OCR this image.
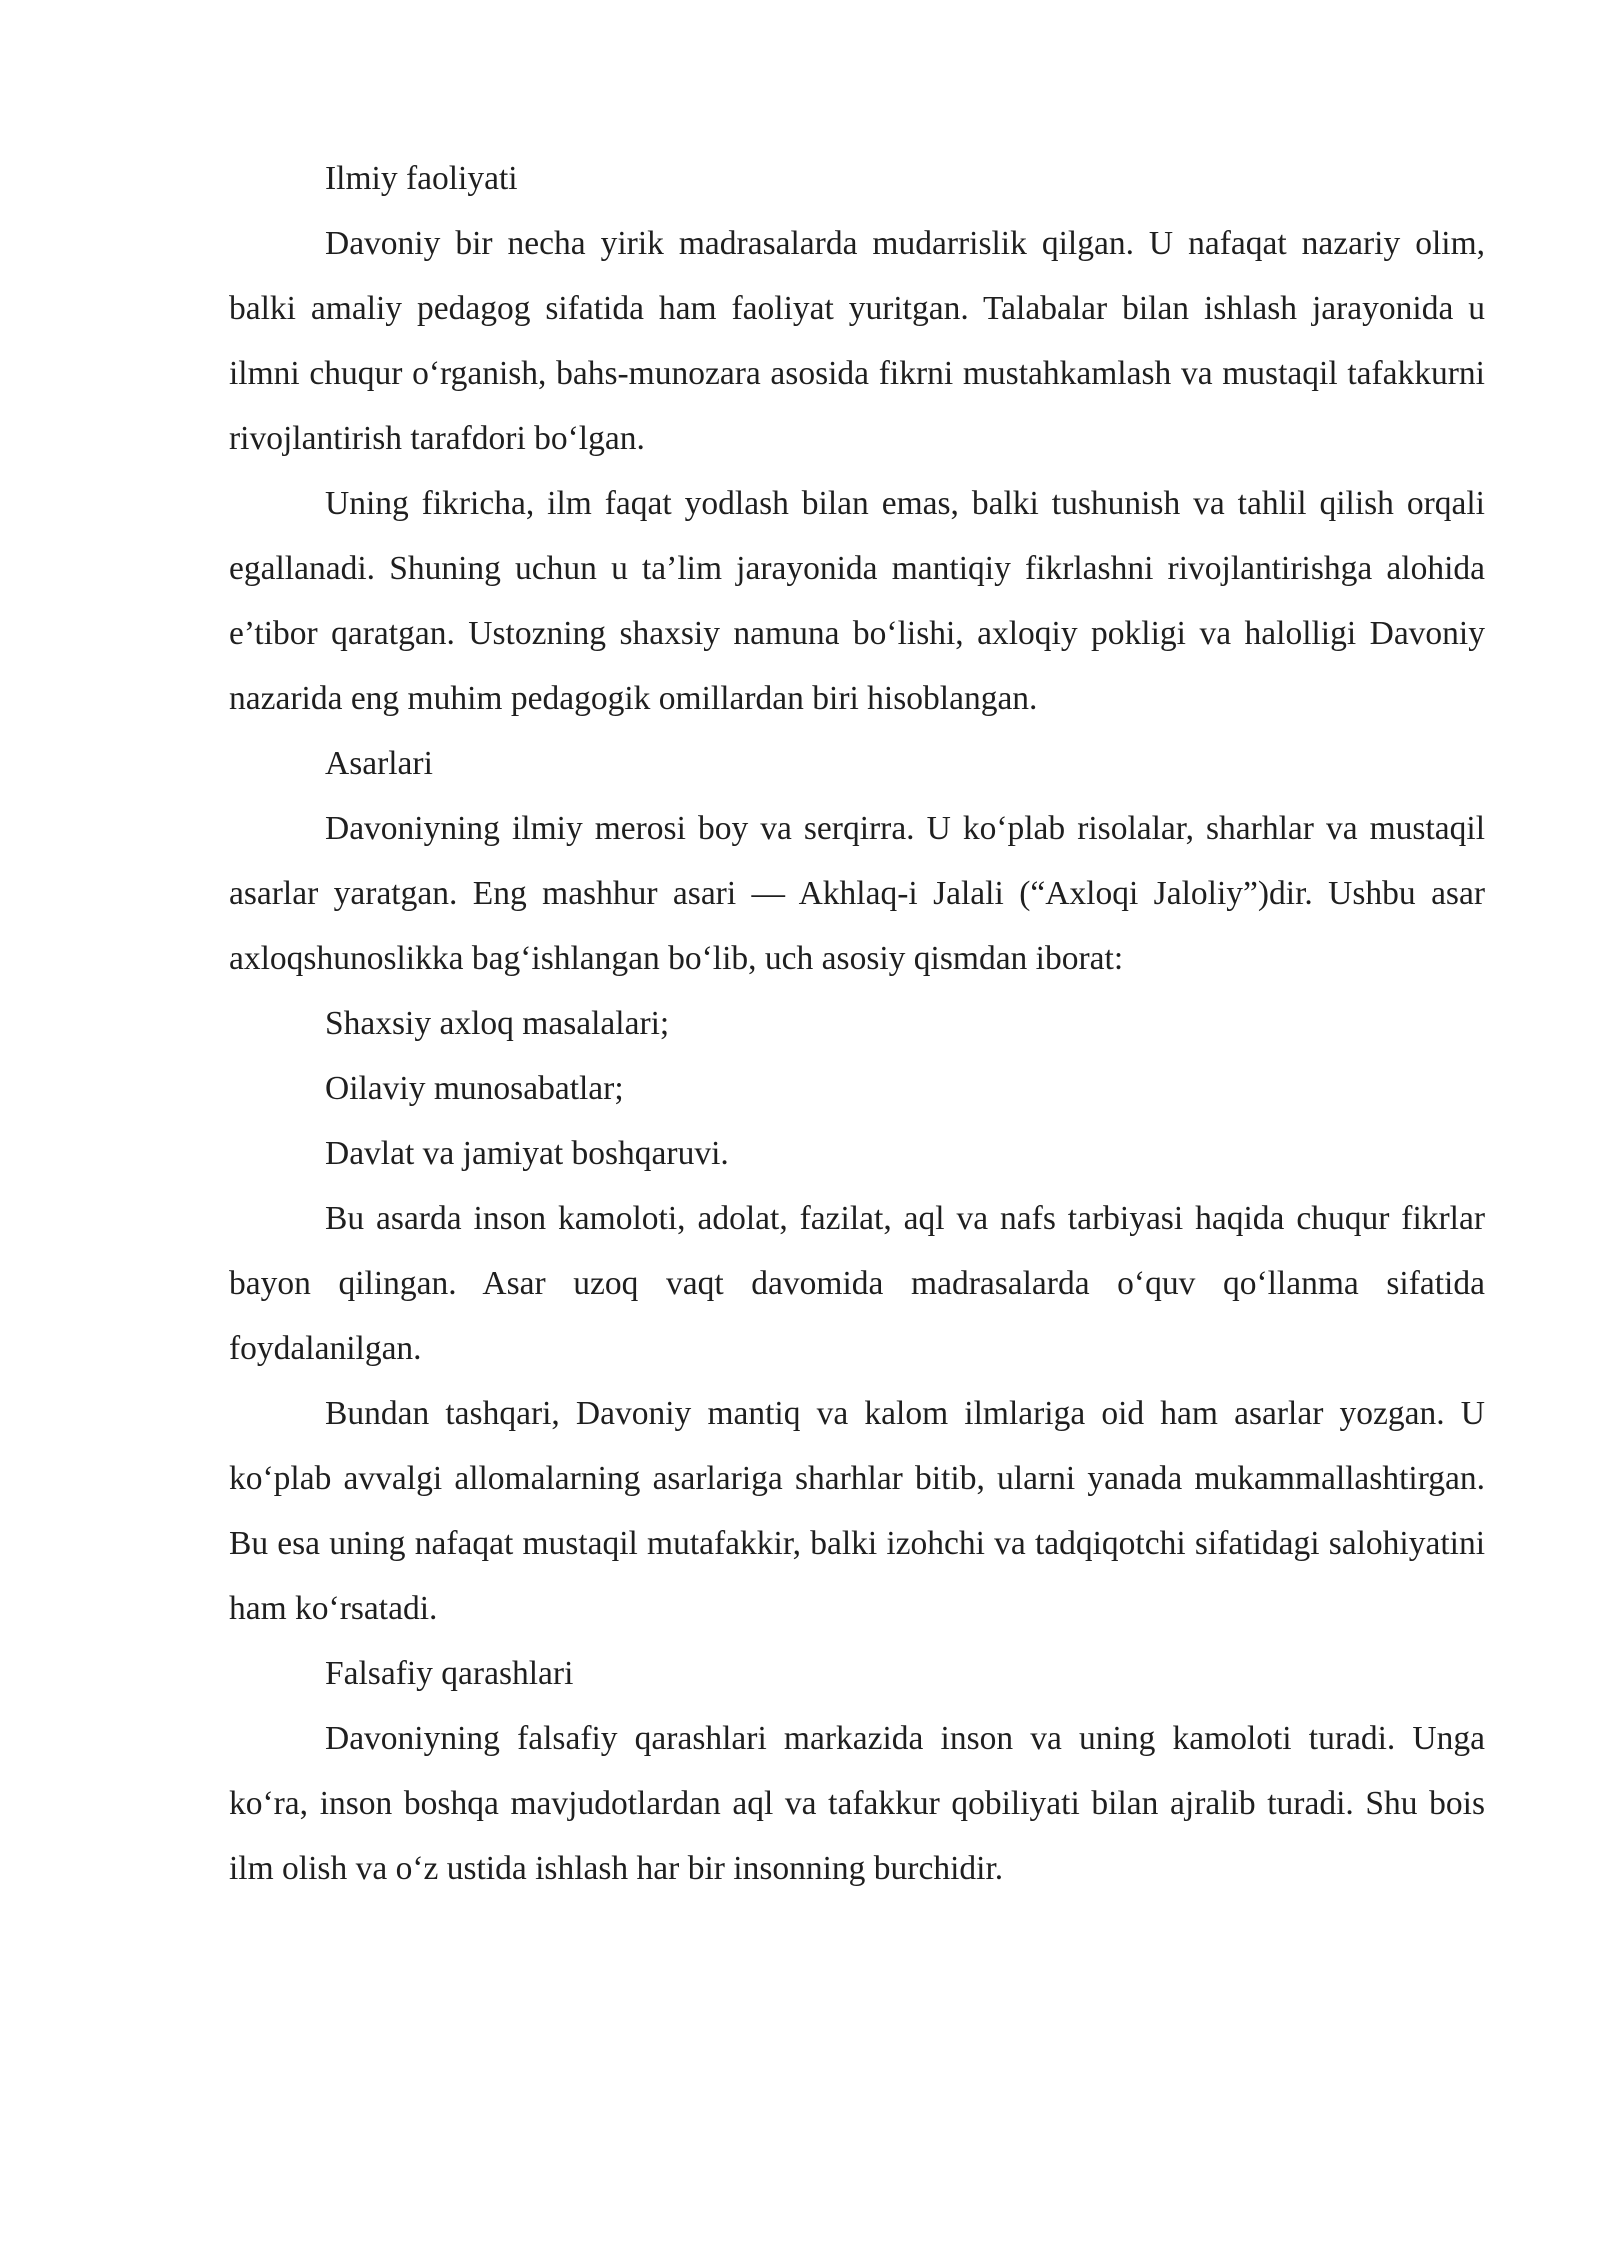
Ilmiy faoliyati

Davoniy bir necha yirik madrasalarda mudarrislik qilgan. U nafaqat nazariy olim, balki amaliy pedagog sifatida ham faoliyat yuritgan. Talabalar bilan ishlash jarayonida u ilmni chuqur o‘rganish, bahs-munozara asosida fikrni mustahkamlash va mustaqil tafakkurni rivojlantirish tarafdori bo‘lgan.

Uning fikricha, ilm faqat yodlash bilan emas, balki tushunish va tahlil qilish orqali egallanadi. Shuning uchun u ta’lim jarayonida mantiqiy fikrlashni rivojlantirishga alohida e’tibor qaratgan. Ustozning shaxsiy namuna bo‘lishi, axloqiy pokligi va halolligi Davoniy nazarida eng muhim pedagogik omillardan biri hisoblangan.

Asarlari

Davoniyning ilmiy merosi boy va serqirra. U ko‘plab risolalar, sharhlar va mustaqil asarlar yaratgan. Eng mashhur asari — Akhlaq-i Jalali (“Axloqi Jaloliy”)dir. Ushbu asar axloqshunoslikka bag‘ishlangan bo‘lib, uch asosiy qismdan iborat:

Shaxsiy axloq masalalari;

Oilaviy munosabatlar;

Davlat va jamiyat boshqaruvi.

Bu asarda inson kamoloti, adolat, fazilat, aql va nafs tarbiyasi haqida chuqur fikrlar bayon qilingan. Asar uzoq vaqt davomida madrasalarda o‘quv qo‘llanma sifatida foydalanilgan.

Bundan tashqari, Davoniy mantiq va kalom ilmlariga oid ham asarlar yozgan. U ko‘plab avvalgi allomalarning asarlariga sharhlar bitib, ularni yanada mukammallashtirgan. Bu esa uning nafaqat mustaqil mutafakkir, balki izohchi va tadqiqotchi sifatidagi salohiyatini ham ko‘rsatadi.

Falsafiy qarashlari

Davoniyning falsafiy qarashlari markazida inson va uning kamoloti turadi. Unga ko‘ra, inson boshqa mavjudotlardan aql va tafakkur qobiliyati bilan ajralib turadi. Shu bois ilm olish va o‘z ustida ishlash har bir insonning burchidir.
